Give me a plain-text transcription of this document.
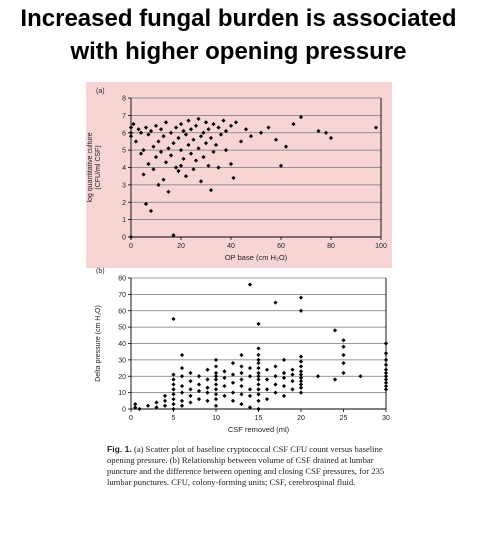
Increased fungal burden is associated
with higher opening pressure
0
1
2
3
4
5
6
7
8
0	20	40	60	80	100
(a)
OP base (cm H₂O)
log quantitative culture (CFU/ml CSF)
0
10
20
30
40
50
60
70
80
0	5	10	15	20	25	30
(b)
CSF removed (ml)
Delta pressure (cm H₂O)
Fig. 1. (a) Scatter plot of baseline cryptococcal CSF CFU count versus baseline opening pressure. (b) Relationship between volume of CSF drained at lumbar puncture and the difference between opening and closing CSF pressures, for 235 lumbar punctures. CFU, colony-forming units; CSF, cerebrospinal fluid.
